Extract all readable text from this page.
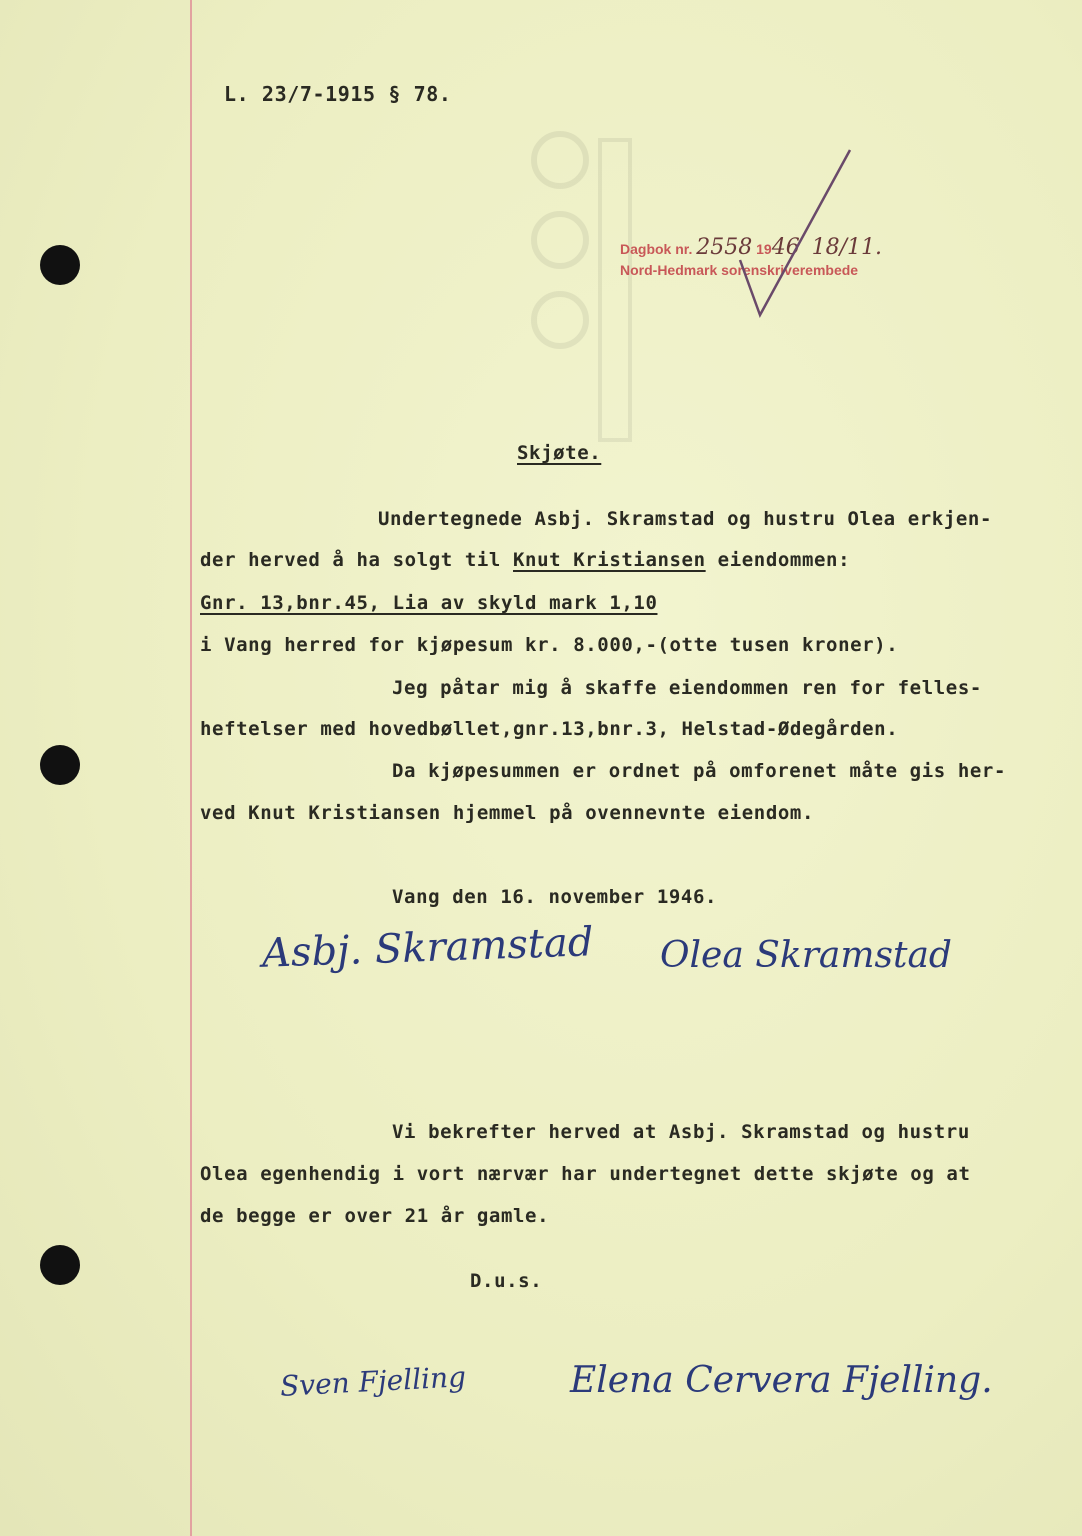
L. 23/7-1915 § 78.
Dagbok nr. 2558 1946 18/11.
Nord-Hedmark sorenskriverembede
Skjøte.
Undertegnede Asbj. Skramstad og hustru Olea erkjen-
der herved å ha solgt til Knut Kristiansen eiendommen:
Gnr. 13,bnr.45, Lia av skyld mark 1,10
i Vang herred for kjøpesum kr. 8.000,-(otte tusen kroner).
Jeg påtar mig å skaffe eiendommen ren for felles-
heftelser med hovedbøllet,gnr.13,bnr.3, Helstad-Ødegården.
Da kjøpesummen er ordnet på omforenet måte gis her-
ved Knut Kristiansen hjemmel på ovennevnte eiendom.
Vang den 16. november 1946.
Asbj. Skramstad Olea Skramstad
Vi bekrefter herved at Asbj. Skramstad og hustru
Olea egenhendig i vort nærvær har undertegnet dette skjøte og at
de begge er over 21 år gamle.
D.u.s.
Sven Fjelling	Elena Cervera Fjelling.
